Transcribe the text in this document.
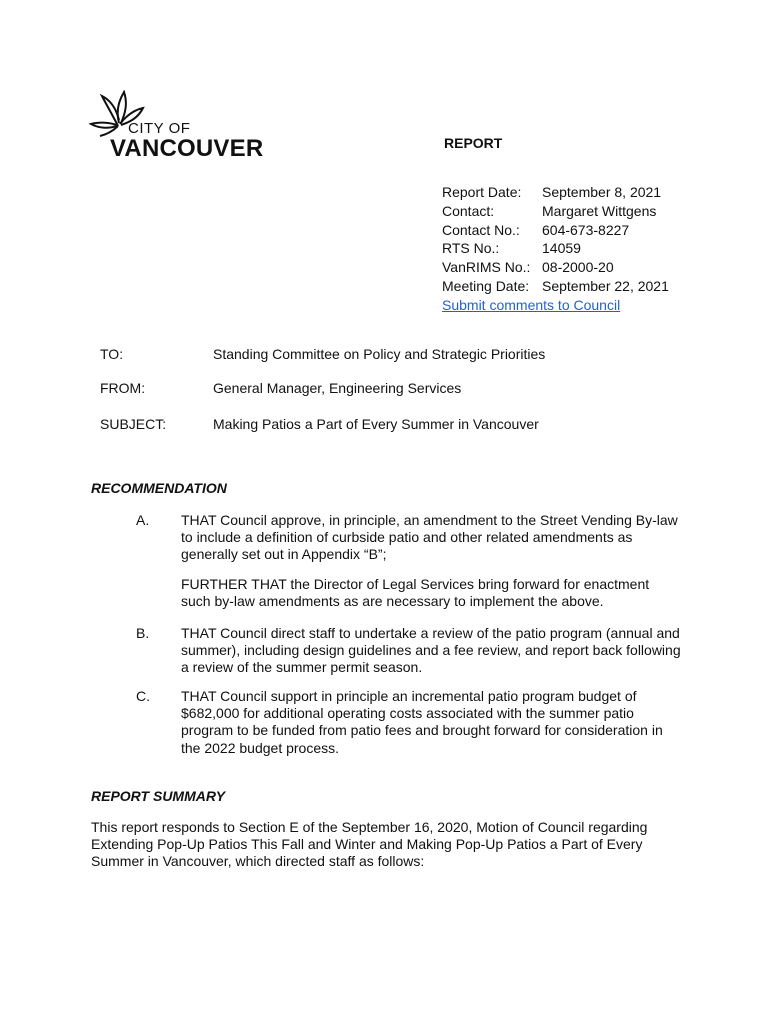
CITY OF
VANCOUVER	REPORT
Report Date:	September 8, 2021
Contact:	Margaret Wittgens
Contact No.:	604-673-8227
RTS No.:	14059
VanRIMS No.: 08-2000-20
Meeting Date: September 22, 2021
Submit comments to Council
TO:	Standing Committee on Policy and Strategic Priorities
FROM:	General Manager, Engineering Services
SUBJECT:	Making Patios a Part of Every Summer in Vancouver
RECOMMENDATION
A.	THAT Council approve, in principle, an amendment to the Street Vending By-law to include a definition of curbside patio and other related amendments as generally set out in Appendix “B”;
FURTHER THAT the Director of Legal Services bring forward for enactment such by-law amendments as are necessary to implement the above.
B.	THAT Council direct staff to undertake a review of the patio program (annual and summer), including design guidelines and a fee review, and report back following a review of the summer permit season.
C.	THAT Council support in principle an incremental patio program budget of $682,000 for additional operating costs associated with the summer patio program to be funded from patio fees and brought forward for consideration in the 2022 budget process.
REPORT SUMMARY
This report responds to Section E of the September 16, 2020, Motion of Council regarding Extending Pop-Up Patios This Fall and Winter and Making Pop-Up Patios a Part of Every Summer in Vancouver, which directed staff as follows:
